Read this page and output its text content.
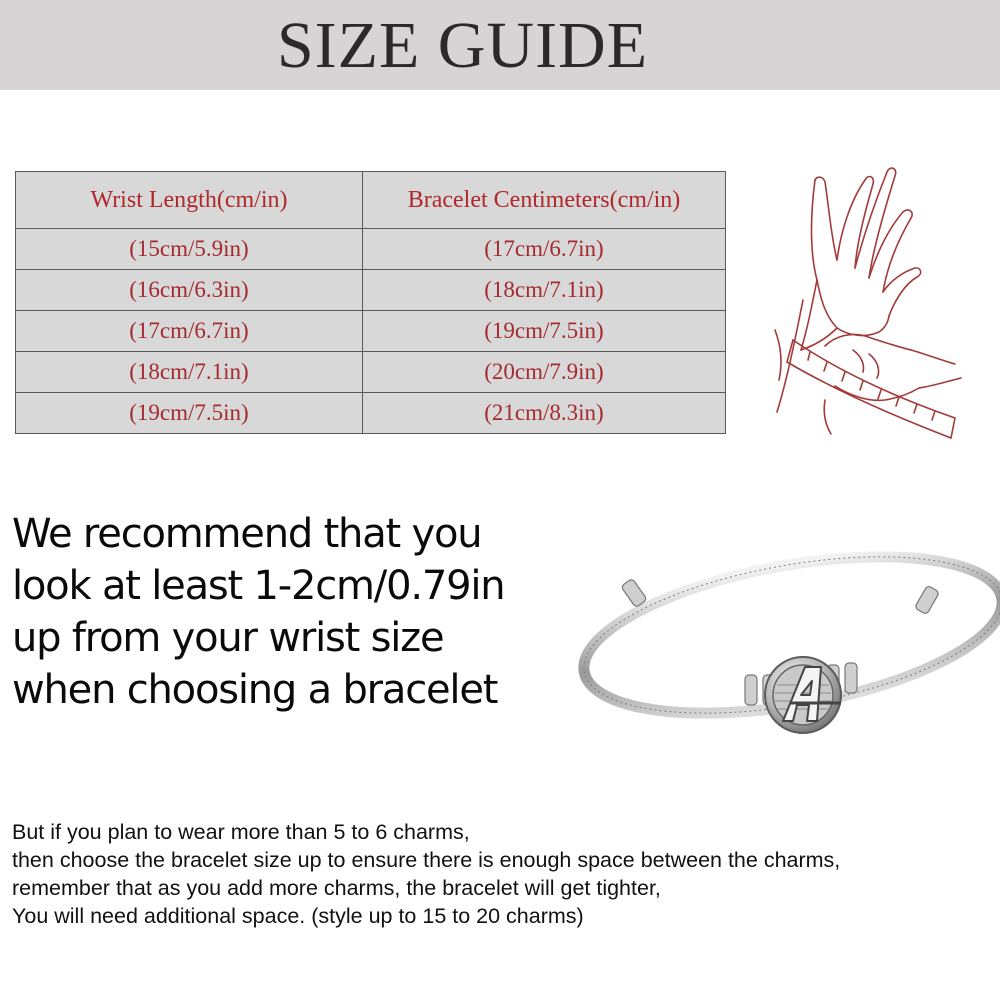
SIZE GUIDE
Wrist Length(cm/in)	Bracelet Centimeters(cm/in)
(15cm/5.9in)	(17cm/6.7in)
(16cm/6.3in)	(18cm/7.1in)
(17cm/6.7in)	(19cm/7.5in)
(18cm/7.1in)	(20cm/7.9in)
(19cm/7.5in)	(21cm/8.3in)
We recommend that you
look at least 1-2cm/0.79in
up from your wrist size
when choosing a bracelet
But if you plan to wear more than 5 to 6 charms,
then choose the bracelet size up to ensure there is enough space between the charms,
remember that as you add more charms, the bracelet will get tighter,
You will need additional space. (style up to 15 to 20 charms)
